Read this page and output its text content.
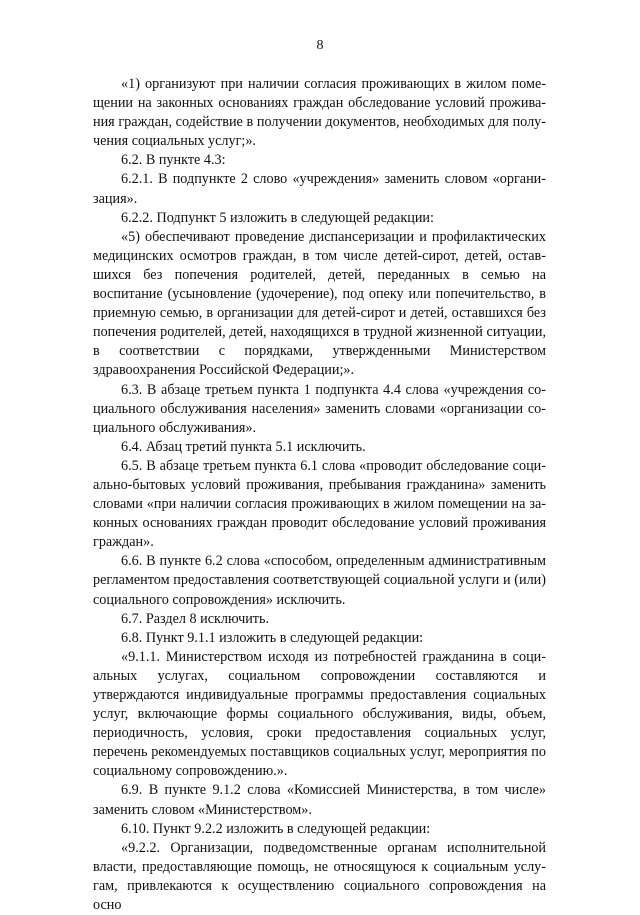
8

«1) организуют при наличии согласия проживающих в жилом помещении на законных основаниях граждан обследование условий проживания граждан, содействие в получении документов, необходимых для получения социальных услуг;».

6.2. В пункте 4.3:

6.2.1. В подпункте 2 слово «учреждения» заменить словом «организация».

6.2.2. Подпункт 5 изложить в следующей редакции:

«5) обеспечивают проведение диспансеризации и профилактических медицинских осмотров граждан, в том числе детей-сирот, детей, оставшихся без попечения родителей, детей, переданных в семью на воспитание (усыновление (удочерение), под опеку или попечительство, в приемную семью, в организации для детей-сирот и детей, оставшихся без попечения родителей, детей, находящихся в трудной жизненной ситуации, в соответствии с порядками, утвержденными Министерством здравоохранения Российской Федерации;».

6.3. В абзаце третьем пункта 1 подпункта 4.4 слова «учреждения социального обслуживания населения» заменить словами «организации социального обслуживания».

6.4. Абзац третий пункта 5.1 исключить.

6.5. В абзаце третьем пункта 6.1 слова «проводит обследование социально-бытовых условий проживания, пребывания гражданина» заменить словами «при наличии согласия проживающих в жилом помещении на законных основаниях граждан проводит обследование условий проживания граждан».

6.6. В пункте 6.2 слова «способом, определенным административным регламентом предоставления соответствующей социальной услуги и (или) социального сопровождения» исключить.

6.7. Раздел 8 исключить.

6.8. Пункт 9.1.1 изложить в следующей редакции:

«9.1.1. Министерством исходя из потребностей гражданина в социальных услугах, социальном сопровождении составляются и утверждаются индивидуальные программы предоставления социальных услуг, включающие формы социального обслуживания, виды, объем, периодичность, условия, сроки предоставления социальных услуг, перечень рекомендуемых поставщиков социальных услуг, мероприятия по социальному сопровождению.».

6.9. В пункте 9.1.2 слова «Комиссией Министерства, в том числе» заменить словом «Министерством».

6.10. Пункт 9.2.2 изложить в следующей редакции:

«9.2.2. Организации, подведомственные органам исполнительной власти, предоставляющие помощь, не относящуюся к социальным услугам, привлекаются к осуществлению социального сопровождения на осно
